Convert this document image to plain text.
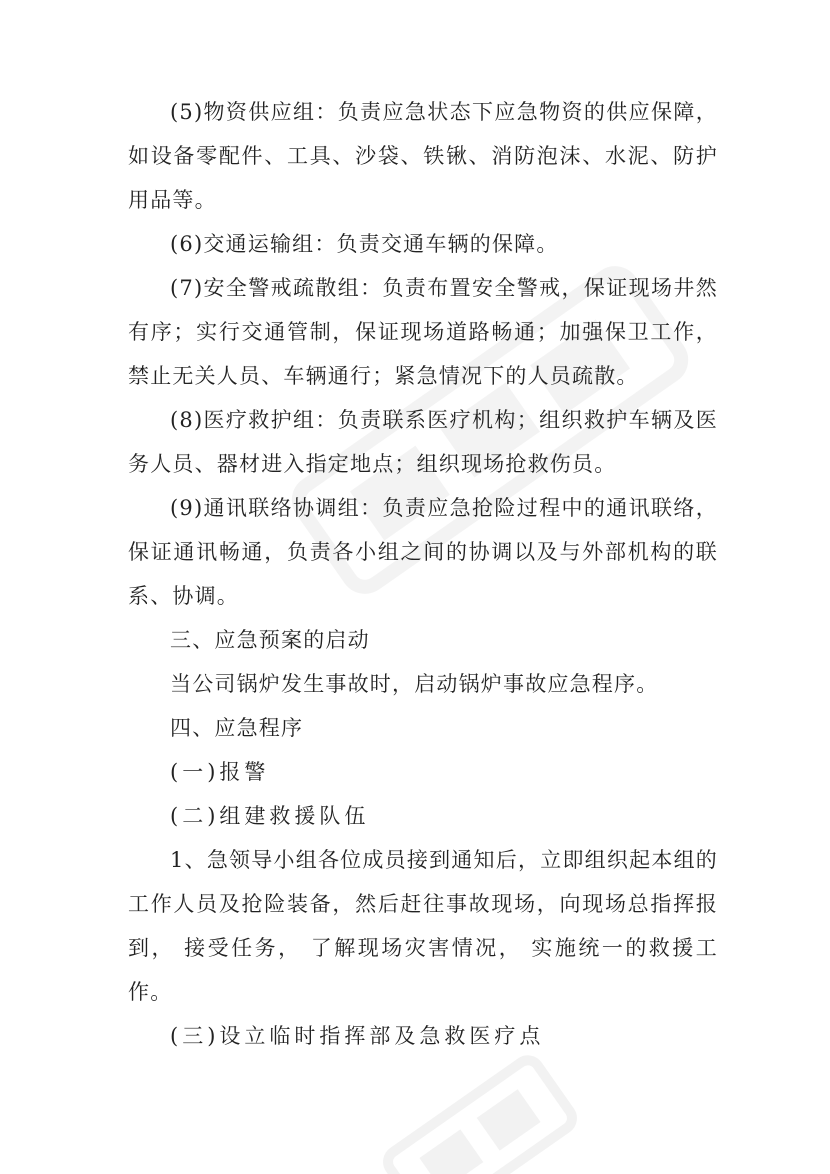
(5)物资供应组：负责应急状态下应急物资的供应保障，如设备零配件、工具、沙袋、铁锹、消防泡沫、水泥、防护用品等。

(6)交通运输组：负责交通车辆的保障。

(7)安全警戒疏散组：负责布置安全警戒，保证现场井然有序；实行交通管制，保证现场道路畅通；加强保卫工作，禁止无关人员、车辆通行；紧急情况下的人员疏散。

(8)医疗救护组：负责联系医疗机构；组织救护车辆及医务人员、器材进入指定地点；组织现场抢救伤员。

(9)通讯联络协调组：负责应急抢险过程中的通讯联络，保证通讯畅通，负责各小组之间的协调以及与外部机构的联系、协调。

三、应急预案的启动

当公司锅炉发生事故时，启动锅炉事故应急程序。

四、应急程序

(一)报警

(二)组建救援队伍

1、急领导小组各位成员接到通知后，立即组织起本组的工作人员及抢险装备，然后赶往事故现场，向现场总指挥报到， 接受任务， 了解现场灾害情况， 实施统一的救援工作。

(三)设立临时指挥部及急救医疗点
